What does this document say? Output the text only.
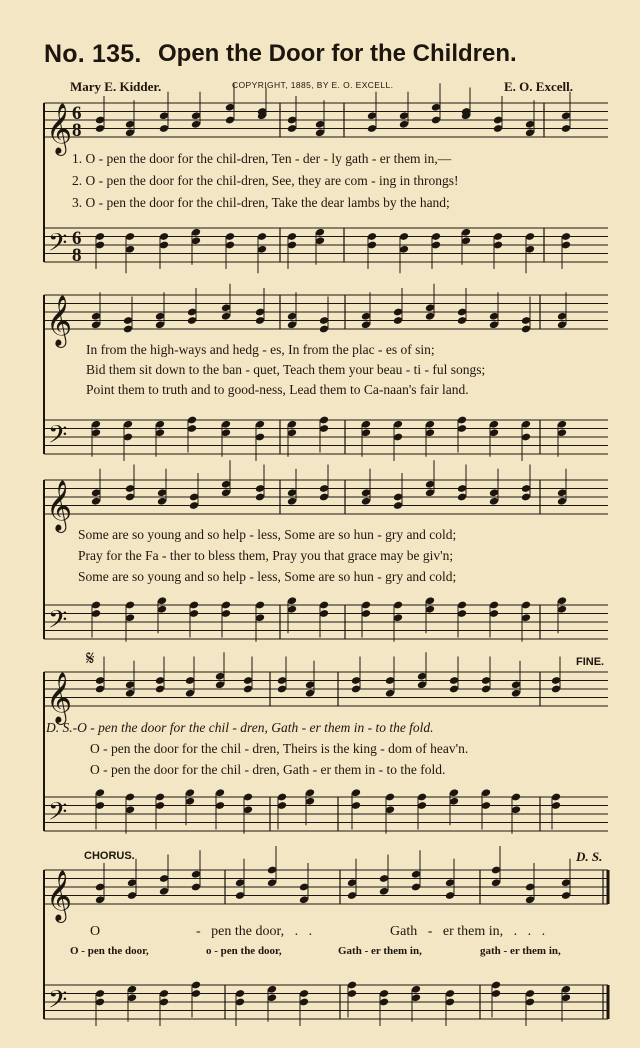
No. 135. Open the Door for the Children.
Mary E. Kidder.	COPYRIGHT, 1885, BY E. O. EXCELL.	E. O. Excell.
𝄞
𝄢
6
8
6
8
𝄞
𝄢
𝄞
𝄢
𝄞
𝄢
𝄞
𝄢
1. O - pen the door for the chil-dren, Ten - der - ly gath - er them in,—
2. O - pen the door for the chil-dren, See, they are com - ing in throngs!
3. O - pen the door for the chil-dren, Take the dear lambs by the hand;
In from the high-ways and hedg - es, In from the plac - es of sin;
Bid them sit down to the ban - quet, Teach them your beau - ti - ful songs;
Point them to truth and to good-ness, Lead them to Ca-naan's fair land.
Some are so young and so help - less, Some are so hun - gry and cold;
Pray for the Fa - ther to bless them, Pray you that grace may be giv'n;
Some are so young and so help - less, Some are so hun - gry and cold;
D. S.-O - pen the door for the chil - dren, Gath - er them in - to the fold.
O - pen the door for the chil - dren, Theirs is the king - dom of heav'n.
O - pen the door for the chil - dren, Gath - er them in - to the fold.
𝄋	FINE.
CHORUS.	D. S.
O	-   pen the door,   .   .	Gath   -   er them in,   .   .   .
O - pen the door,	o - pen the door,	Gath - er them in,	gath - er them in,
